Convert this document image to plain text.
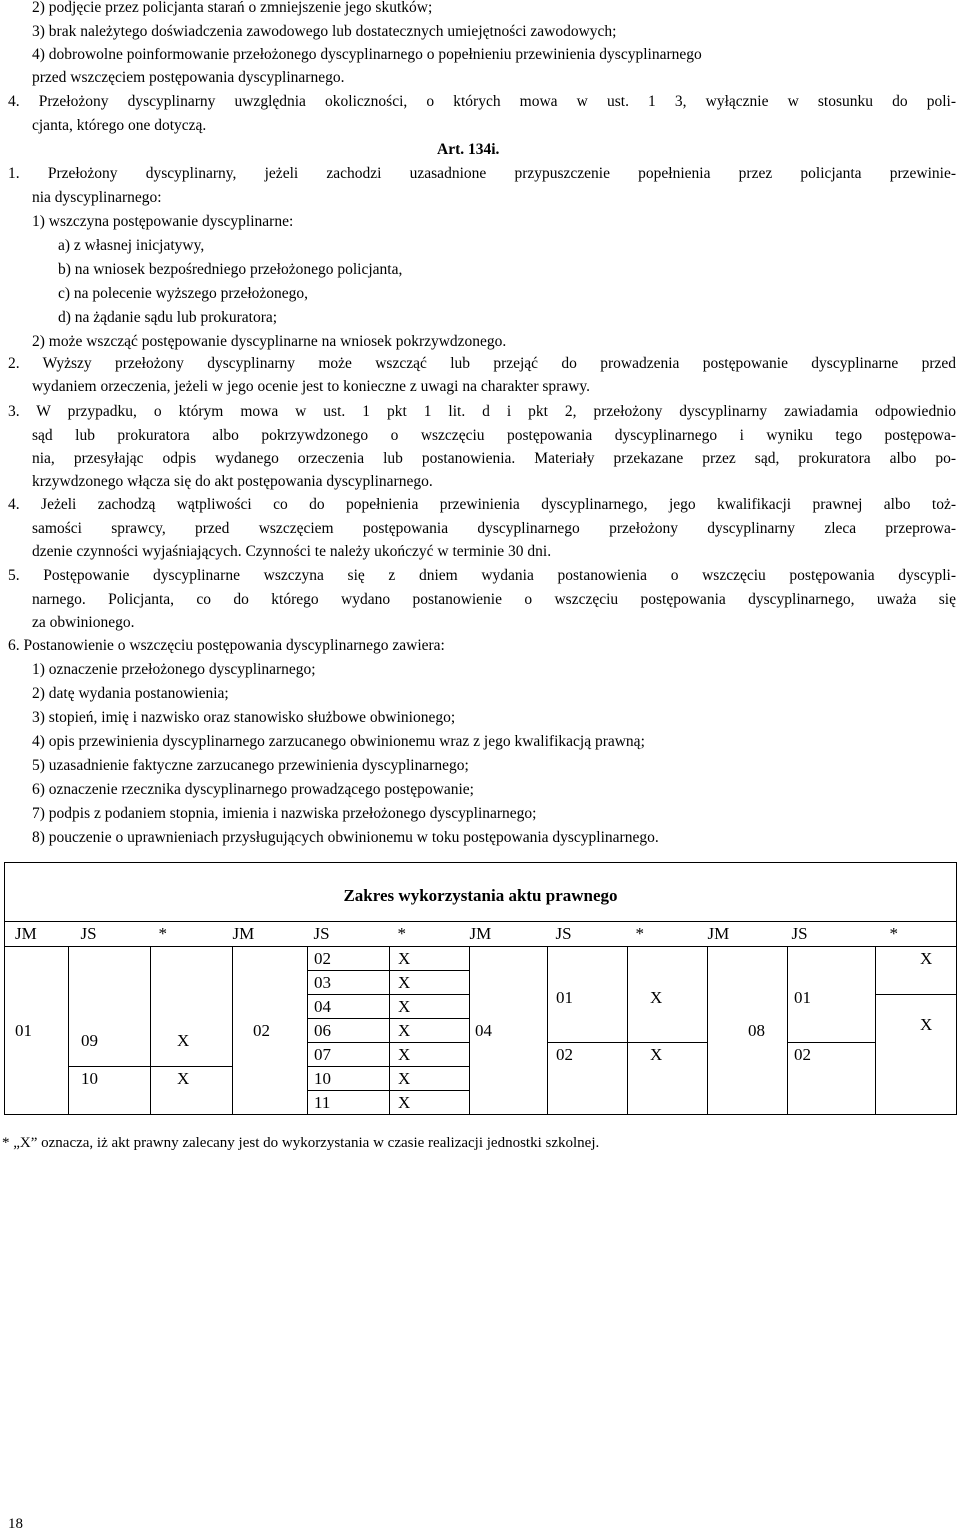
2) podjęcie przez policjanta starań o zmniejszenie jego skutków;
3) brak należytego doświadczenia zawodowego lub dostatecznych umiejętności zawodowych;
4) dobrowolne poinformowanie przełożonego dyscyplinarnego o popełnieniu przewinienia dyscyplinarnego
przed wszczęciem postępowania dyscyplinarnego.
4. Przełożony dyscyplinarny uwzględnia okoliczności, o których mowa w ust. 1 3, wyłącznie w stosunku do poli-
cjanta, którego one dotyczą.
Art. 134i.
1. Przełożony dyscyplinarny, jeżeli zachodzi uzasadnione przypuszczenie popełnienia przez policjanta przewinie-
nia dyscyplinarnego:
1) wszczyna postępowanie dyscyplinarne:
a) z własnej inicjatywy,
b) na wniosek bezpośredniego przełożonego policjanta,
c) na polecenie wyższego przełożonego,
d) na żądanie sądu lub prokuratora;
2) może wszcząć postępowanie dyscyplinarne na wniosek pokrzywdzonego.
2. Wyższy przełożony dyscyplinarny może wszcząć lub przejąć do prowadzenia postępowanie dyscyplinarne przed
wydaniem orzeczenia, jeżeli w jego ocenie jest to konieczne z uwagi na charakter sprawy.
3. W przypadku, o którym mowa w ust. 1 pkt 1 lit. d i pkt 2, przełożony dyscyplinarny zawiadamia odpowiednio
sąd lub prokuratora albo pokrzywdzonego o wszczęciu postępowania dyscyplinarnego i wyniku tego postępowa-
nia, przesyłając odpis wydanego orzeczenia lub postanowienia. Materiały przekazane przez sąd, prokuratora albo po-
krzywdzonego włącza się do akt postępowania dyscyplinarnego.
4. Jeżeli zachodzą wątpliwości co do popełnienia przewinienia dyscyplinarnego, jego kwalifikacji prawnej albo toż-
samości sprawcy, przed wszczęciem postępowania dyscyplinarnego przełożony dyscyplinarny zleca przeprowa-
dzenie czynności wyjaśniających. Czynności te należy ukończyć w terminie 30 dni.
5. Postępowanie dyscyplinarne wszczyna się z dniem wydania postanowienia o wszczęciu postępowania dyscypli-
narnego. Policjanta, co do którego wydano postanowienie o wszczęciu postępowania dyscyplinarnego, uważa się
za obwinionego.
6. Postanowienie o wszczęciu postępowania dyscyplinarnego zawiera:
1) oznaczenie przełożonego dyscyplinarnego;
2) datę wydania postanowienia;
3) stopień, imię i nazwisko oraz stanowisko służbowe obwinionego;
4) opis przewinienia dyscyplinarnego zarzucanego obwinionemu wraz z jego kwalifikacją prawną;
5) uzasadnienie faktyczne zarzucanego przewinienia dyscyplinarnego;
6) oznaczenie rzecznika dyscyplinarnego prowadzącego postępowanie;
7) podpis z podaniem stopnia, imienia i nazwiska przełożonego dyscyplinarnego;
8) pouczenie o uprawnieniach przysługujących obwinionemu w toku postępowania dyscyplinarnego.
Zakres wykorzystania aktu prawnego											
JM	JS	*	JM	JS	*	JM	JS	*	JM	JS	*
01	09	X	02	02	X	04	01	X	08	01	X
				03	X						
				04	X						X
				06	X						
				07	X		02	X		02	
	10	X		10	X						
				11	X						
* „X” oznacza, iż akt prawny zalecany jest do wykorzystania w czasie realizacji jednostki szkolnej.
18
